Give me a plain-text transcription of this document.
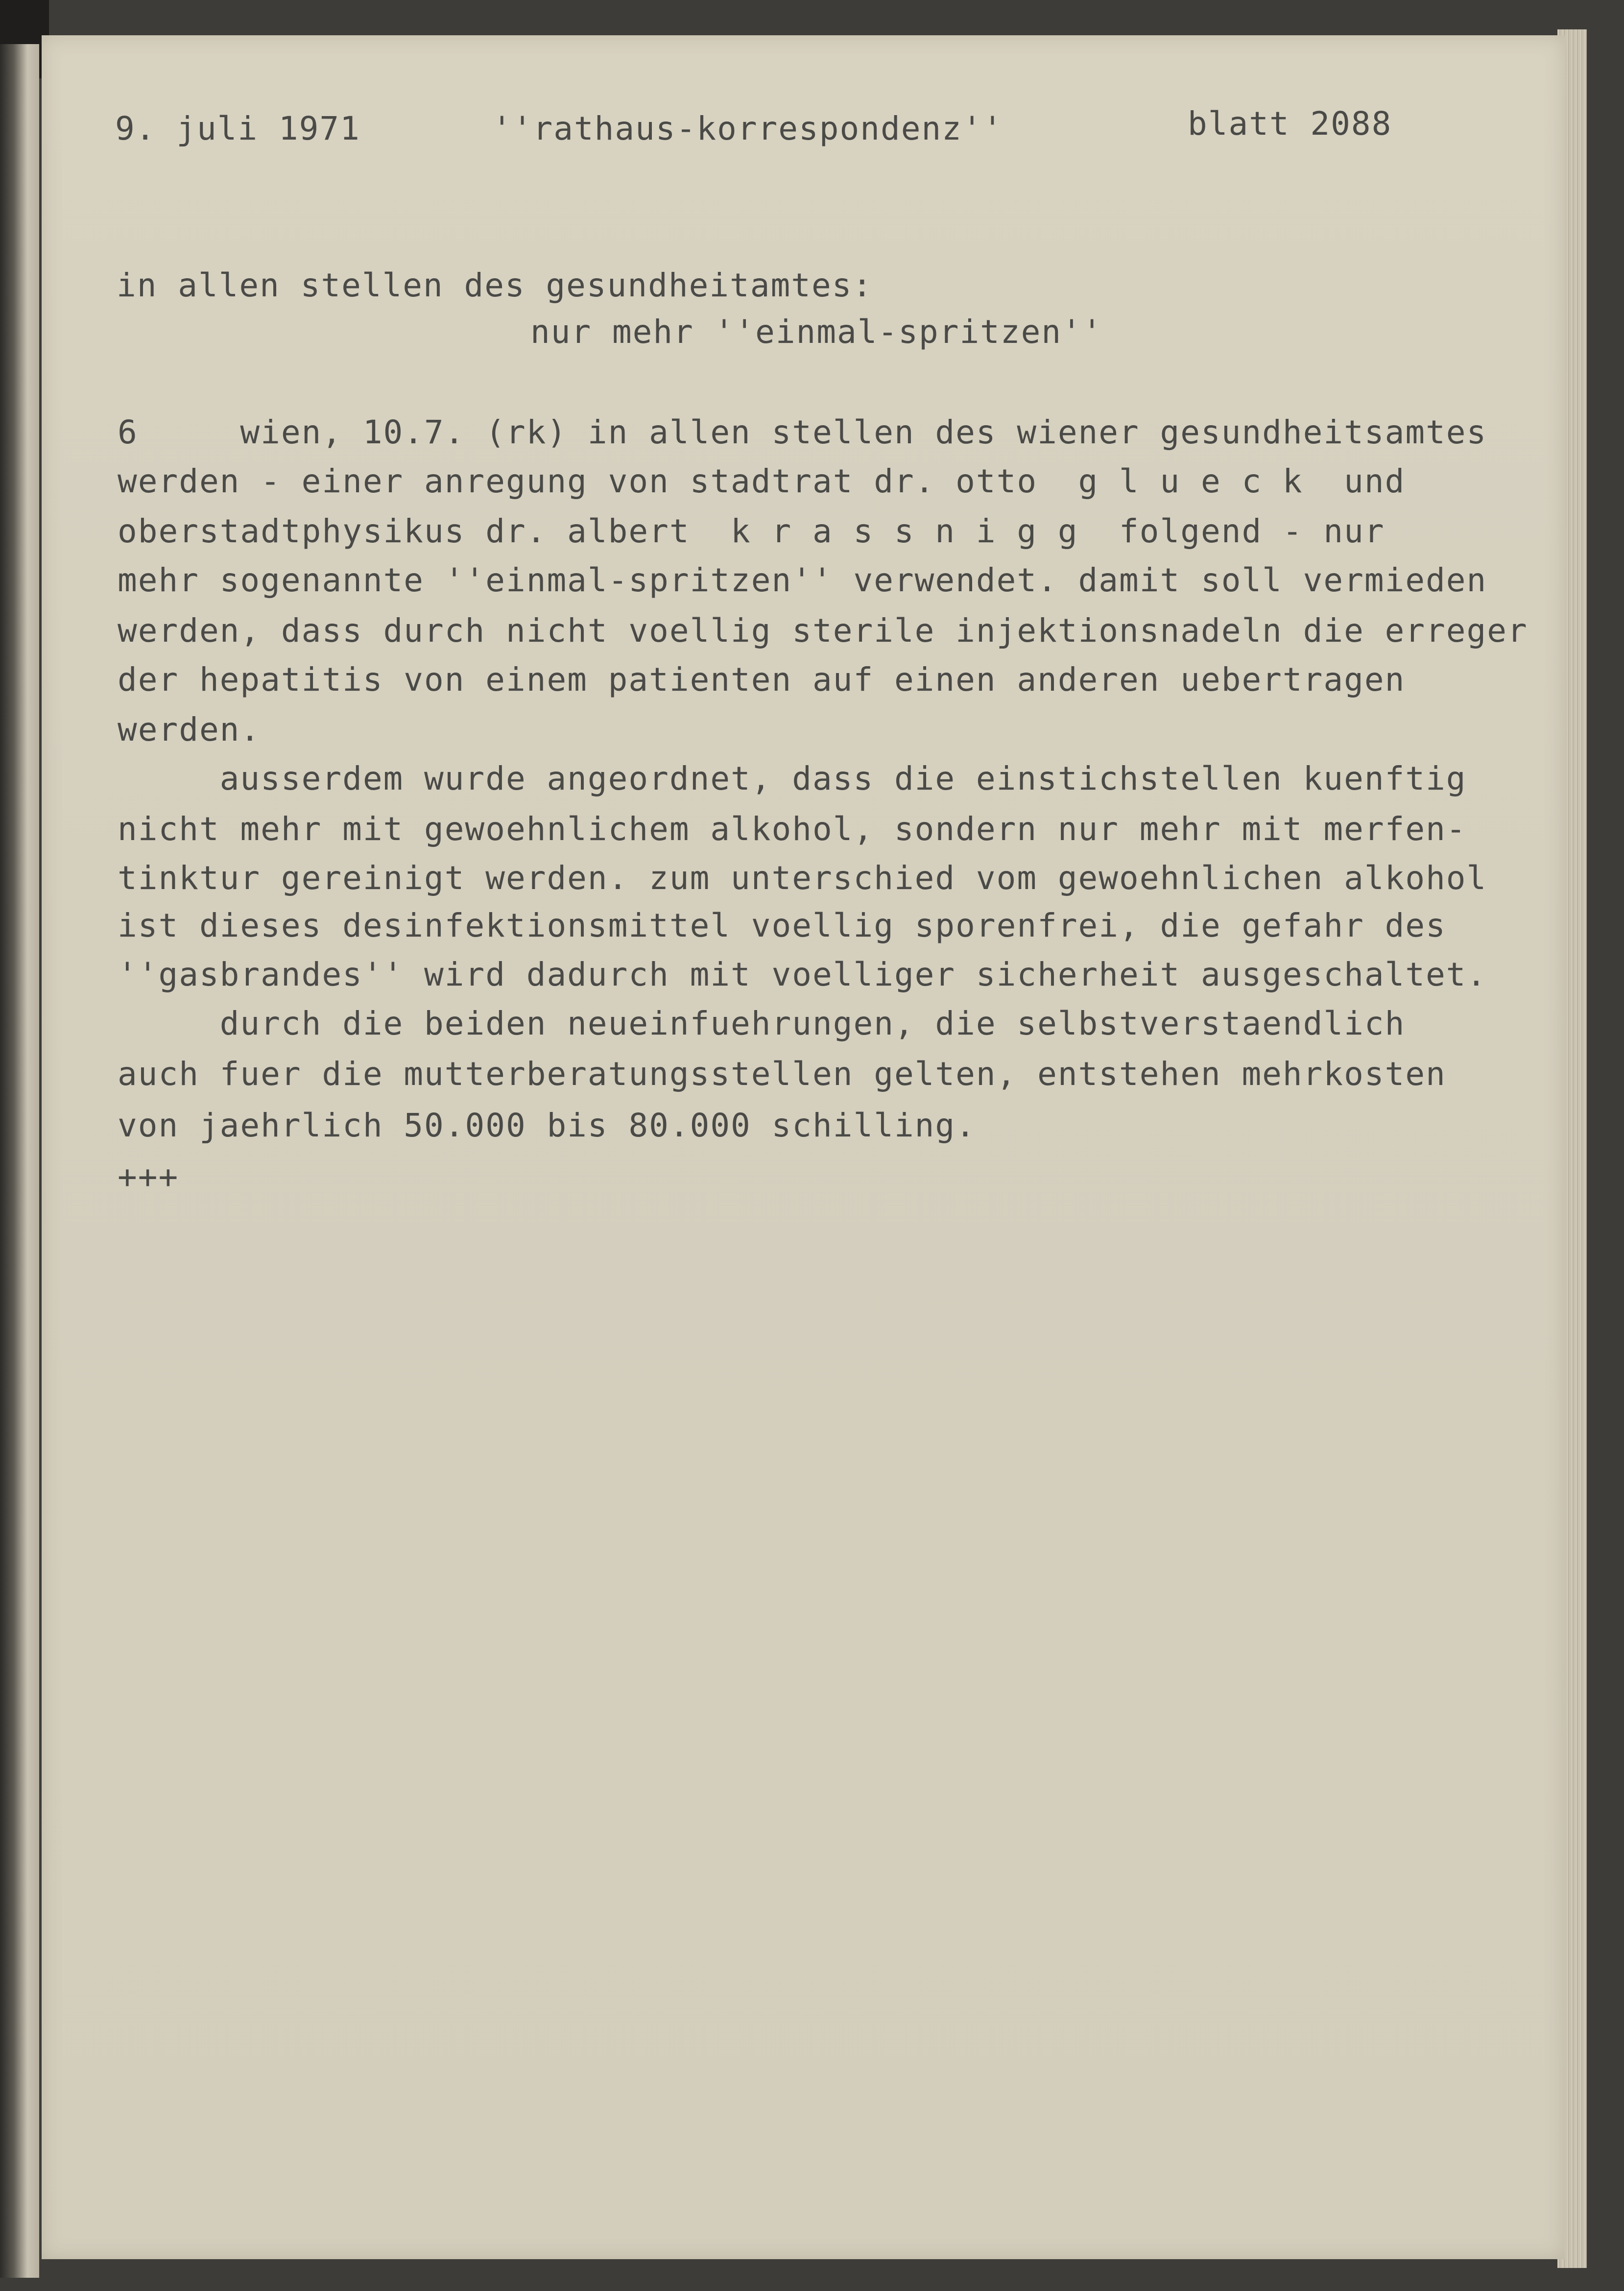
9. juli 1971	''rathaus-korrespondenz''	blatt 2088
in allen stellen des gesundheitamtes:
nur mehr ''einmal-spritzen''
6     wien, 10.7. (rk) in allen stellen des wiener gesundheitsamtes
werden - einer anregung von stadtrat dr. otto  g l u e c k  und
oberstadtphysikus dr. albert  k r a s s n i g g  folgend - nur
mehr sogenannte ''einmal-spritzen'' verwendet. damit soll vermieden
werden, dass durch nicht voellig sterile injektionsnadeln die erreger
der hepatitis von einem patienten auf einen anderen uebertragen
werden.
ausserdem wurde angeordnet, dass die einstichstellen kuenftig
nicht mehr mit gewoehnlichem alkohol, sondern nur mehr mit merfen-
tinktur gereinigt werden. zum unterschied vom gewoehnlichen alkohol
ist dieses desinfektionsmittel voellig sporenfrei, die gefahr des
''gasbrandes'' wird dadurch mit voelliger sicherheit ausgeschaltet.
durch die beiden neueinfuehrungen, die selbstverstaendlich
auch fuer die mutterberatungsstellen gelten, entstehen mehrkosten
von jaehrlich 50.000 bis 80.000 schilling.
+++
